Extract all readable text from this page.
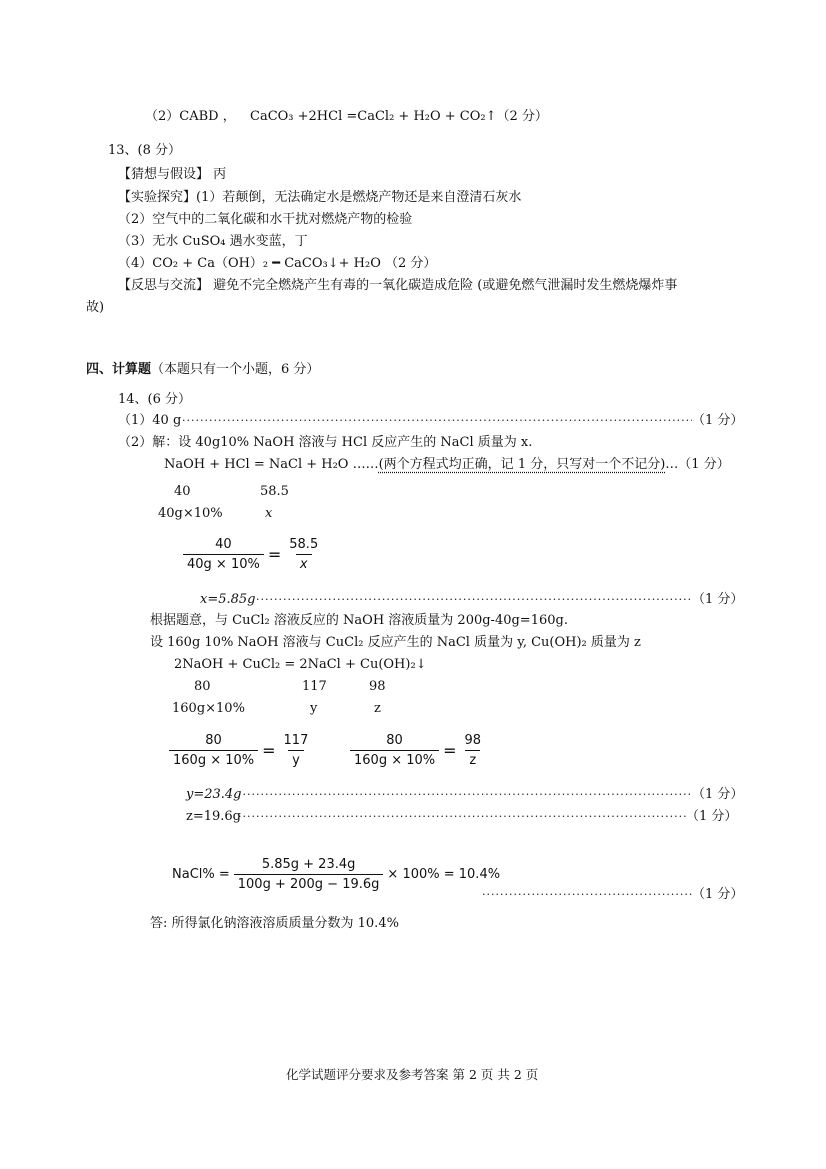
（2）CABD ， CaCO₃ +2HCl =CaCl₂ + H₂O + CO₂↑（2 分）
13、(8 分）
【猜想与假设】 丙
【实验探究】(1）若颠倒，无法确定水是燃烧产物还是来自澄清石灰水
（2）空气中的二氧化碳和水干扰对燃烧产物的检验
（3）无水 CuSO₄ 遇水变蓝，丁
（4）CO₂ + Ca（OH）₂ ━ CaCO₃↓+ H₂O （2 分）
【反思与交流】 避免不完全燃烧产生有毒的一氧化碳造成危险 (或避免燃气泄漏时发生燃烧爆炸事
故)
四、计算题（本题只有一个小题，6 分）
14、(6 分）
（1）40 g ·····	（1 分）
（2）解：设 40g10% NaOH 溶液与 HCl 反应产生的 NaCl 质量为 x.
NaOH + HCl = NaCl + H₂O ……(两个方程式均正确，记 1 分，只写对一个不记分)…（1 分）
40	58.5
40g×10%	x
$\frac{40}{40g \times 10\%} = \frac{58.5}{x}$
x=5.85g ·····	（1 分）
根据题意，与 CuCl₂ 溶液反应的 NaOH 溶液质量为 200g-40g=160g.
设 160g 10% NaOH 溶液与 CuCl₂ 反应产生的 NaCl 质量为 y, Cu(OH)₂ 质量为 z
2NaOH + CuCl₂ = 2NaCl + Cu(OH)₂↓
80	117	98
160g×10%	y	z
$\frac{80}{160g \times 10\%} = \frac{117}{y}$	$\frac{80}{160g \times 10\%} = \frac{98}{z}$
y=23.4g ·····	（1 分）
z=19.6g ·····	（1 分）
NaCl% = $\frac{5.85g + 23.4g}{100g + 200g - 19.6g} \times 100\% = 10.4\%$
·····
（1 分）
答: 所得氯化钠溶液溶质质量分数为 10.4%
化学试题评分要求及参考答案 第 2 页 共 2 页
